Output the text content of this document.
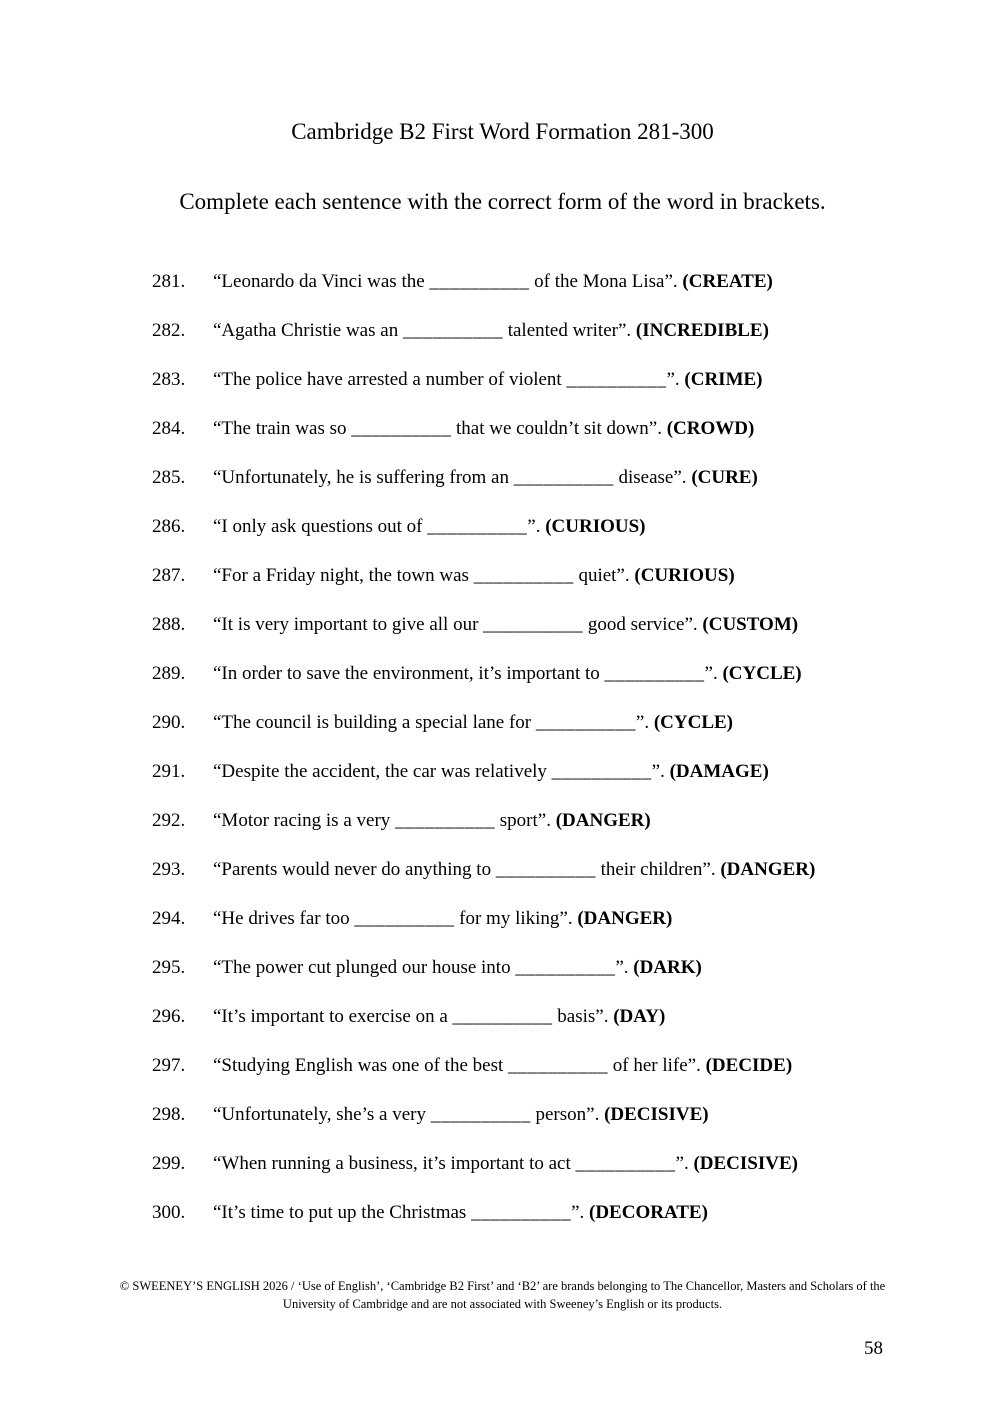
Cambridge B2 First Word Formation 281-300

Complete each sentence with the correct form of the word in brackets.

281. “Leonardo da Vinci was the __________ of the Mona Lisa”. (CREATE)
282. “Agatha Christie was an __________ talented writer”. (INCREDIBLE)
283. “The police have arrested a number of violent __________”. (CRIME)
284. “The train was so __________ that we couldn’t sit down”. (CROWD)
285. “Unfortunately, he is suffering from an __________ disease”. (CURE)
286. “I only ask questions out of __________”. (CURIOUS)
287. “For a Friday night, the town was __________ quiet”. (CURIOUS)
288. “It is very important to give all our __________ good service”. (CUSTOM)
289. “In order to save the environment, it’s important to __________”. (CYCLE)
290. “The council is building a special lane for __________”. (CYCLE)
291. “Despite the accident, the car was relatively __________”. (DAMAGE)
292. “Motor racing is a very __________ sport”. (DANGER)
293. “Parents would never do anything to __________ their children”. (DANGER)
294. “He drives far too __________ for my liking”. (DANGER)
295. “The power cut plunged our house into __________”. (DARK)
296. “It’s important to exercise on a __________ basis”. (DAY)
297. “Studying English was one of the best __________ of her life”. (DECIDE)
298. “Unfortunately, she’s a very __________ person”. (DECISIVE)
299. “When running a business, it’s important to act __________”. (DECISIVE)
300. “It’s time to put up the Christmas __________”. (DECORATE)

© SWEENEY’S ENGLISH 2026 / ‘Use of English’, ‘Cambridge B2 First’ and ‘B2’ are brands belonging to The Chancellor, Masters and Scholars of the

University of Cambridge and are not associated with Sweeney’s English or its products.

58
